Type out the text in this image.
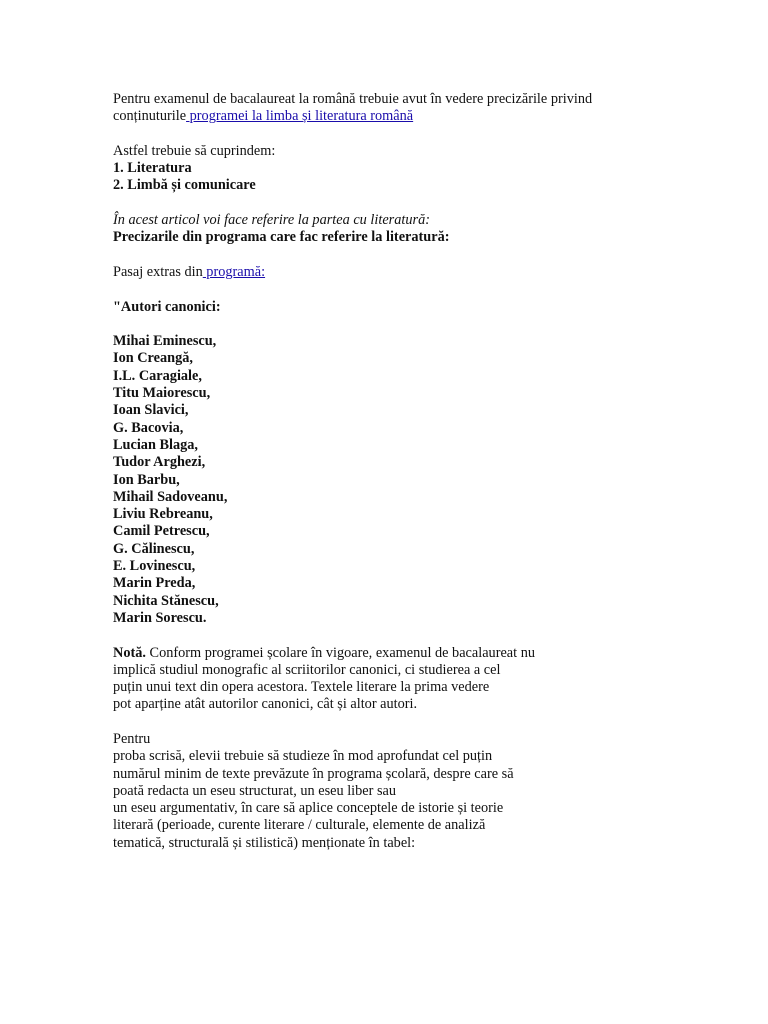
Pentru examenul de bacalaureat la română trebuie avut în vedere precizările privind
conținuturile programei la limba și literatura română
Astfel trebuie să cuprindem:
1. Literatura
2. Limbă și comunicare
În acest articol voi face referire la partea cu literatură:
Precizarile din programa care fac referire la literatură:
Pasaj extras din programă:
"Autori canonici:
Mihai Eminescu,
Ion Creangă,
I.L. Caragiale,
Titu Maiorescu,
Ioan Slavici,
G. Bacovia,
Lucian Blaga,
Tudor Arghezi,
Ion Barbu,
Mihail Sadoveanu,
Liviu Rebreanu,
Camil Petrescu,
G. Călinescu,
E. Lovinescu,
Marin Preda,
Nichita Stănescu,
Marin Sorescu.
Notă. Conform programei școlare în vigoare, examenul de bacalaureat nu
implică studiul monografic al scriitorilor canonici, ci studierea a cel
puțin unui text din opera acestora. Textele literare la prima vedere
pot aparține atât autorilor canonici, cât și altor autori.
Pentru
proba scrisă, elevii trebuie să studieze în mod aprofundat cel puțin
numărul minim de texte prevăzute în programa școlară, despre care să
poată redacta un eseu structurat, un eseu liber sau
un eseu argumentativ, în care să aplice conceptele de istorie și teorie
literară (perioade, curente literare / culturale, elemente de analiză
tematică, structurală și stilistică) menționate în tabel:
